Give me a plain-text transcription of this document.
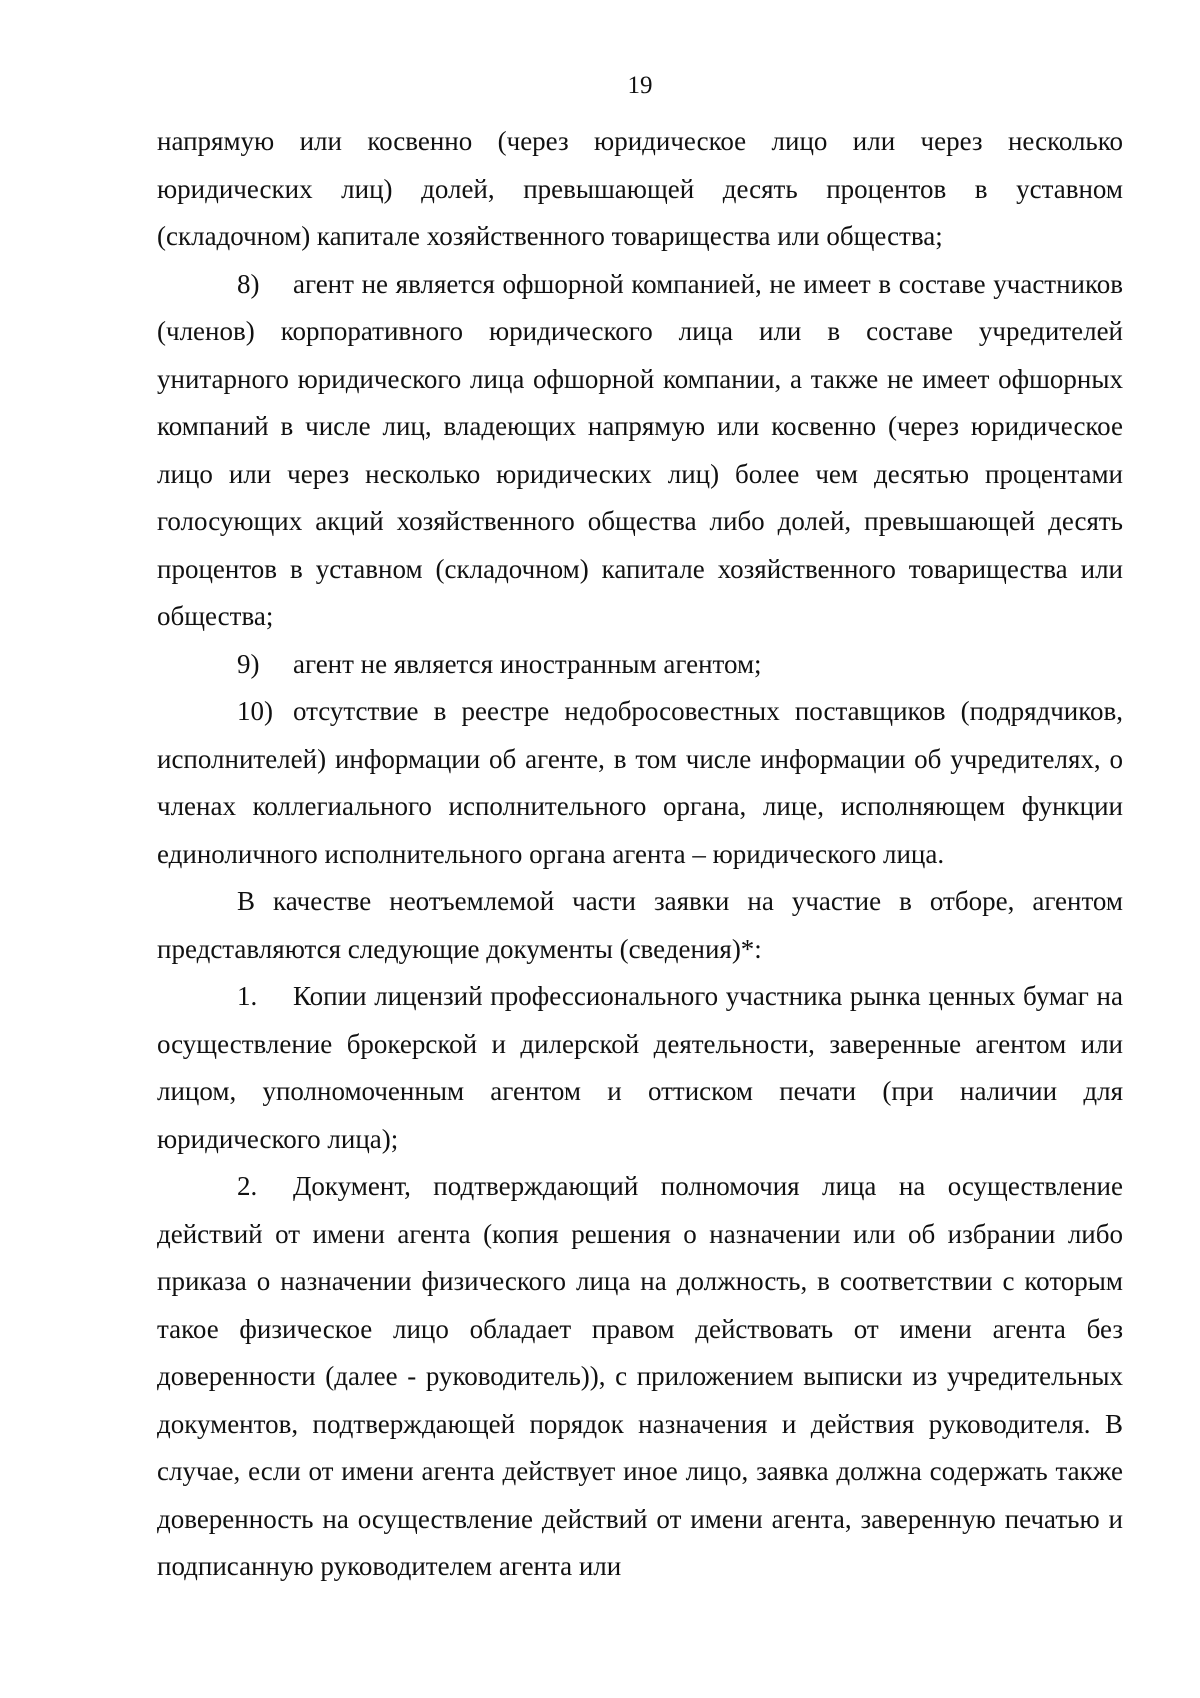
19

напрямую или косвенно (через юридическое лицо или через несколько юридических лиц) долей, превышающей десять процентов в уставном (складочном) капитале хозяйственного товарищества или общества;

8) агент не является офшорной компанией, не имеет в составе участников (членов) корпоративного юридического лица или в составе учредителей унитарного юридического лица офшорной компании, а также не имеет офшорных компаний в числе лиц, владеющих напрямую или косвенно (через юридическое лицо или через несколько юридических лиц) более чем десятью процентами голосующих акций хозяйственного общества либо долей, превышающей десять процентов в уставном (складочном) капитале хозяйственного товарищества или общества;

9) агент не является иностранным агентом;

10) отсутствие в реестре недобросовестных поставщиков (подрядчиков, исполнителей) информации об агенте, в том числе информации об учредителях, о членах коллегиального исполнительного органа, лице, исполняющем функции единоличного исполнительного органа агента – юридического лица.

В качестве неотъемлемой части заявки на участие в отборе, агентом представляются следующие документы (сведения)*:

1. Копии лицензий профессионального участника рынка ценных бумаг на осуществление брокерской и дилерской деятельности, заверенные агентом или лицом, уполномоченным агентом и оттиском печати (при наличии для юридического лица);

2. Документ, подтверждающий полномочия лица на осуществление действий от имени агента (копия решения о назначении или об избрании либо приказа о назначении физического лица на должность, в соответствии с которым такое физическое лицо обладает правом действовать от имени агента без доверенности (далее - руководитель)), с приложением выписки из учредительных документов, подтверждающей порядок назначения и действия руководителя. В случае, если от имени агента действует иное лицо, заявка должна содержать также доверенность на осуществление действий от имени агента, заверенную печатью и подписанную руководителем агента или
